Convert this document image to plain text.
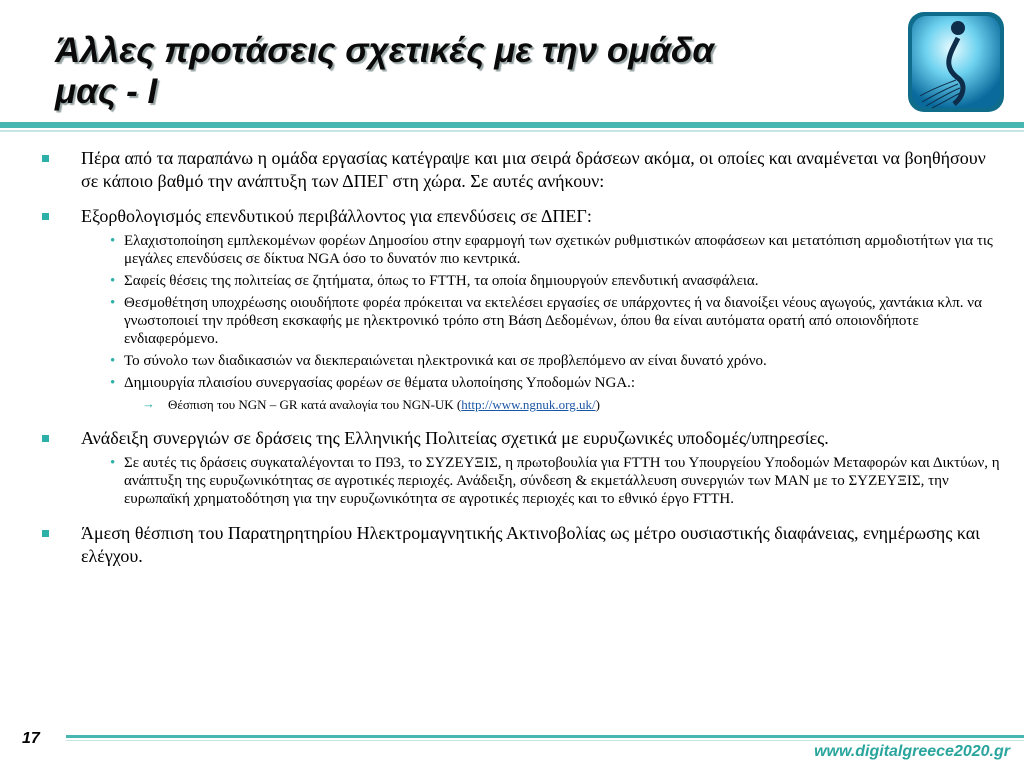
Άλλες προτάσεις σχετικές με την ομάδα
μας - Ι
Πέρα από τα παραπάνω η ομάδα εργασίας κατέγραψε και μια σειρά δράσεων ακόμα, οι οποίες και αναμένεται να βοηθήσουν σε κάποιο βαθμό την ανάπτυξη των ΔΠΕΓ στη χώρα. Σε αυτές ανήκουν:
Εξορθολογισμός επενδυτικού περιβάλλοντος για επενδύσεις σε ΔΠΕΓ:
• Ελαχιστοποίηση εμπλεκομένων φορέων Δημοσίου στην εφαρμογή των σχετικών ρυθμιστικών αποφάσεων και μετατόπιση αρμοδιοτήτων για τις μεγάλες επενδύσεις σε δίκτυα NGA όσο το δυνατόν πιο κεντρικά.
• Σαφείς θέσεις της πολιτείας σε ζητήματα, όπως το FTTH, τα οποία δημιουργούν επενδυτική ανασφάλεια.
• Θεσμοθέτηση υποχρέωσης οιουδήποτε φορέα πρόκειται να εκτελέσει εργασίες σε υπάρχοντες ή να διανοίξει νέους αγωγούς, χαντάκια κλπ. να γνωστοποιεί την πρόθεση εκσκαφής με ηλεκτρονικό τρόπο στη Βάση Δεδομένων, όπου θα είναι αυτόματα ορατή από οποιονδήποτε ενδιαφερόμενο.
• Το σύνολο των διαδικασιών να διεκπεραιώνεται ηλεκτρονικά και σε προβλεπόμενο αν είναι δυνατό χρόνο.
• Δημιουργία πλαισίου συνεργασίας φορέων σε θέματα υλοποίησης Υποδομών NGA.:
→ Θέσπιση του NGN – GR κατά αναλογία του NGN-UK (http://www.ngnuk.org.uk/)
Ανάδειξη συνεργιών σε δράσεις της Ελληνικής Πολιτείας σχετικά με ευρυζωνικές υποδομές/υπηρεσίες.
• Σε αυτές τις δράσεις συγκαταλέγονται το Π93, το ΣΥΖΕΥΞΙΣ, η πρωτοβουλία για FTTH του Υπουργείου Υποδομών Μεταφορών και Δικτύων, η ανάπτυξη της ευρυζωνικότητας σε αγροτικές περιοχές. Ανάδειξη, σύνδεση & εκμετάλλευση συνεργιών των MAN με το ΣΥΖΕΥΞΙΣ, την ευρωπαϊκή χρηματοδότηση για την ευρυζωνικότητα σε αγροτικές περιοχές και το εθνικό έργο FTTH.
Άμεση θέσπιση του Παρατηρητηρίου Ηλεκτρομαγνητικής Ακτινοβολίας ως μέτρο ουσιαστικής διαφάνειας, ενημέρωσης και ελέγχου.
17
www.digitalgreece2020.gr
